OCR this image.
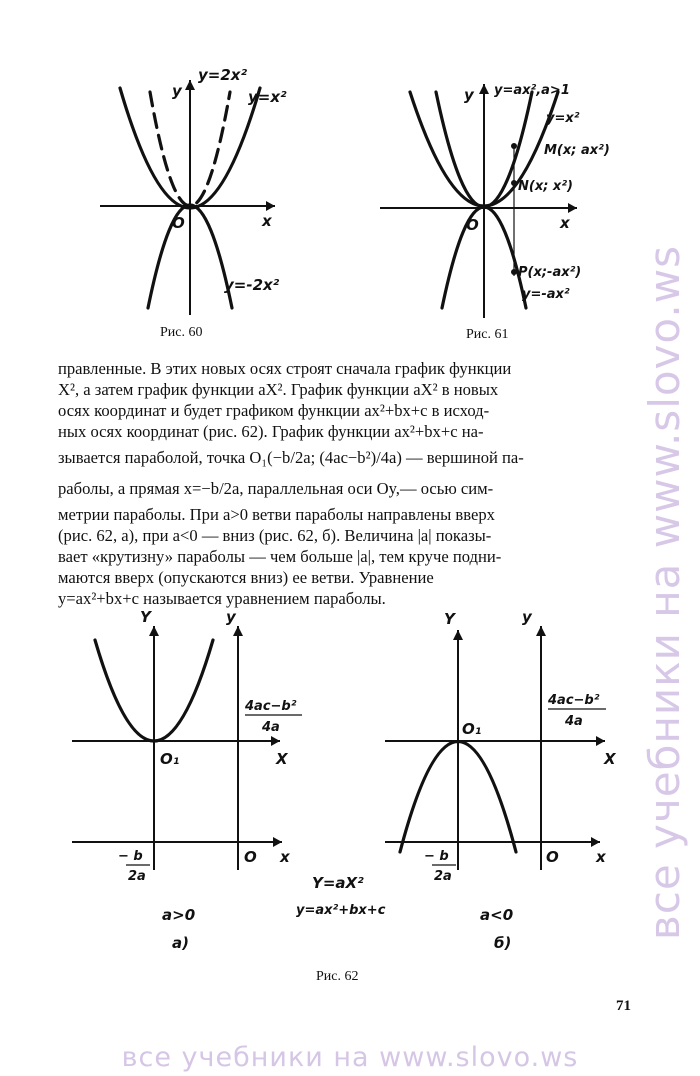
y
x
O
y=2x²
y=x²
y=-2x²
Рис. 60
y
x
O
y=ax²,a>1
y=x²
M(x; ax²)
N(x; x²)
P(x;-ax²)
y=-ax²
Рис. 61
Y	y
X
x
O₁
O
4ac−b²
4a
− b
2a
a>0
а)
Y	y
X
x
O₁
O
4ac−b²
4a
− b
2a
a<0
б)
Y=aX²
y=ax²+bx+c
Рис. 62
правленные. В этих новых осях строят сначала график функции
X², а затем график функции aX². График функции aX² в новых
осях координат и будет графиком функции ax²+bx+c в исход-
ных осях координат (рис. 62). График функции ax²+bx+c на-
зывается параболой, точка O₁(−b/2a; (4ac−b²)/4a) — вершиной па-
раболы, а прямая x=−b/2a, параллельная оси Oy,— осью сим-
метрии параболы. При a>0 ветви параболы направлены вверх
(рис. 62, а), при a<0 — вниз (рис. 62, б). Величина |a| показы-
вает «крутизну» параболы — чем больше |a|, тем круче подни-
маются вверх (опускаются вниз) ее ветви. Уравнение
y=ax²+bx+c называется уравнением параболы.
71
все учебники на www.slovo.ws
все учебники на www.slovo.ws
